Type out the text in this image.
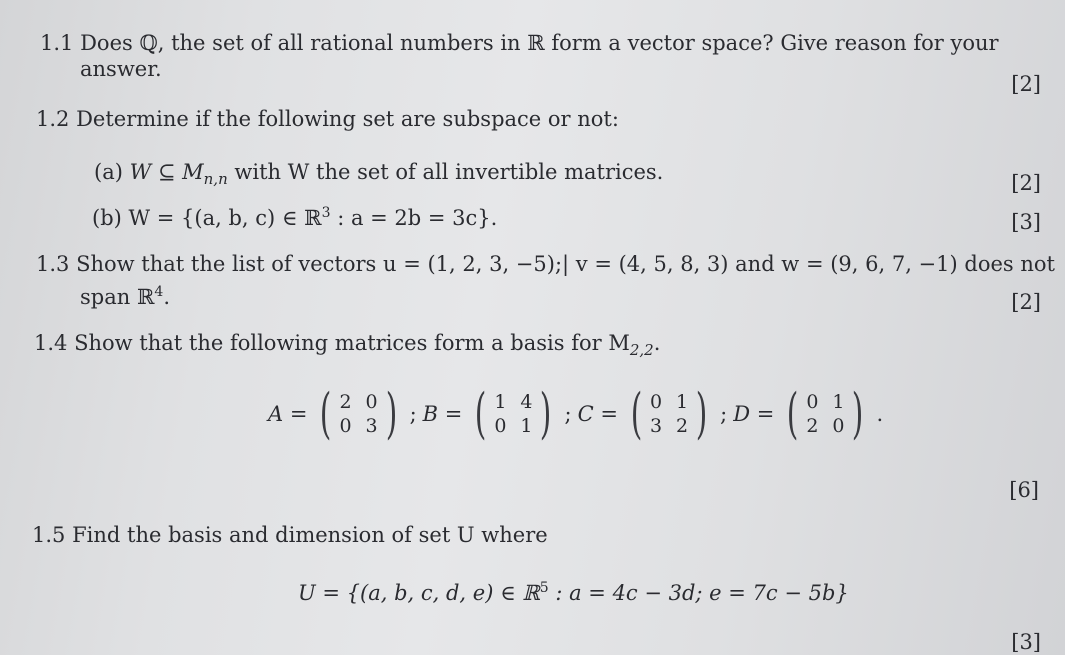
1.1 Does ℚ, the set of all rational numbers in ℝ form a vector space? Give reason for your
answer.
[2]
1.2 Determine if the following set are subspace or not:
(a) W ⊆ $M_{n,n}$ with W the set of all invertible matrices.	[2]
(b) W = {(a, b, c) ∈ ℝ$^3$ : a = 2b = 3c}.	[3]
1.3 Show that the list of vectors u = (1, 2, 3, −5);| v = (4, 5, 8, 3) and w = (9, 6, 7, −1) does not
span ℝ$^4$.	[2]
1.4 Show that the following matrices form a basis for $M_{2,2}$.
A = ( 2 0
0 3 ) ; B = ( 1 4
0 1 ) ; C = ( 0 1
3 2 ) ; D = ( 0 1
2 0 ) .
[6]
1.5 Find the basis and dimension of set U where
U = {(a, b, c, d, e) ∈ ℝ$^5$ : a = 4c − 3d; e = 7c − 5b}
[3]
